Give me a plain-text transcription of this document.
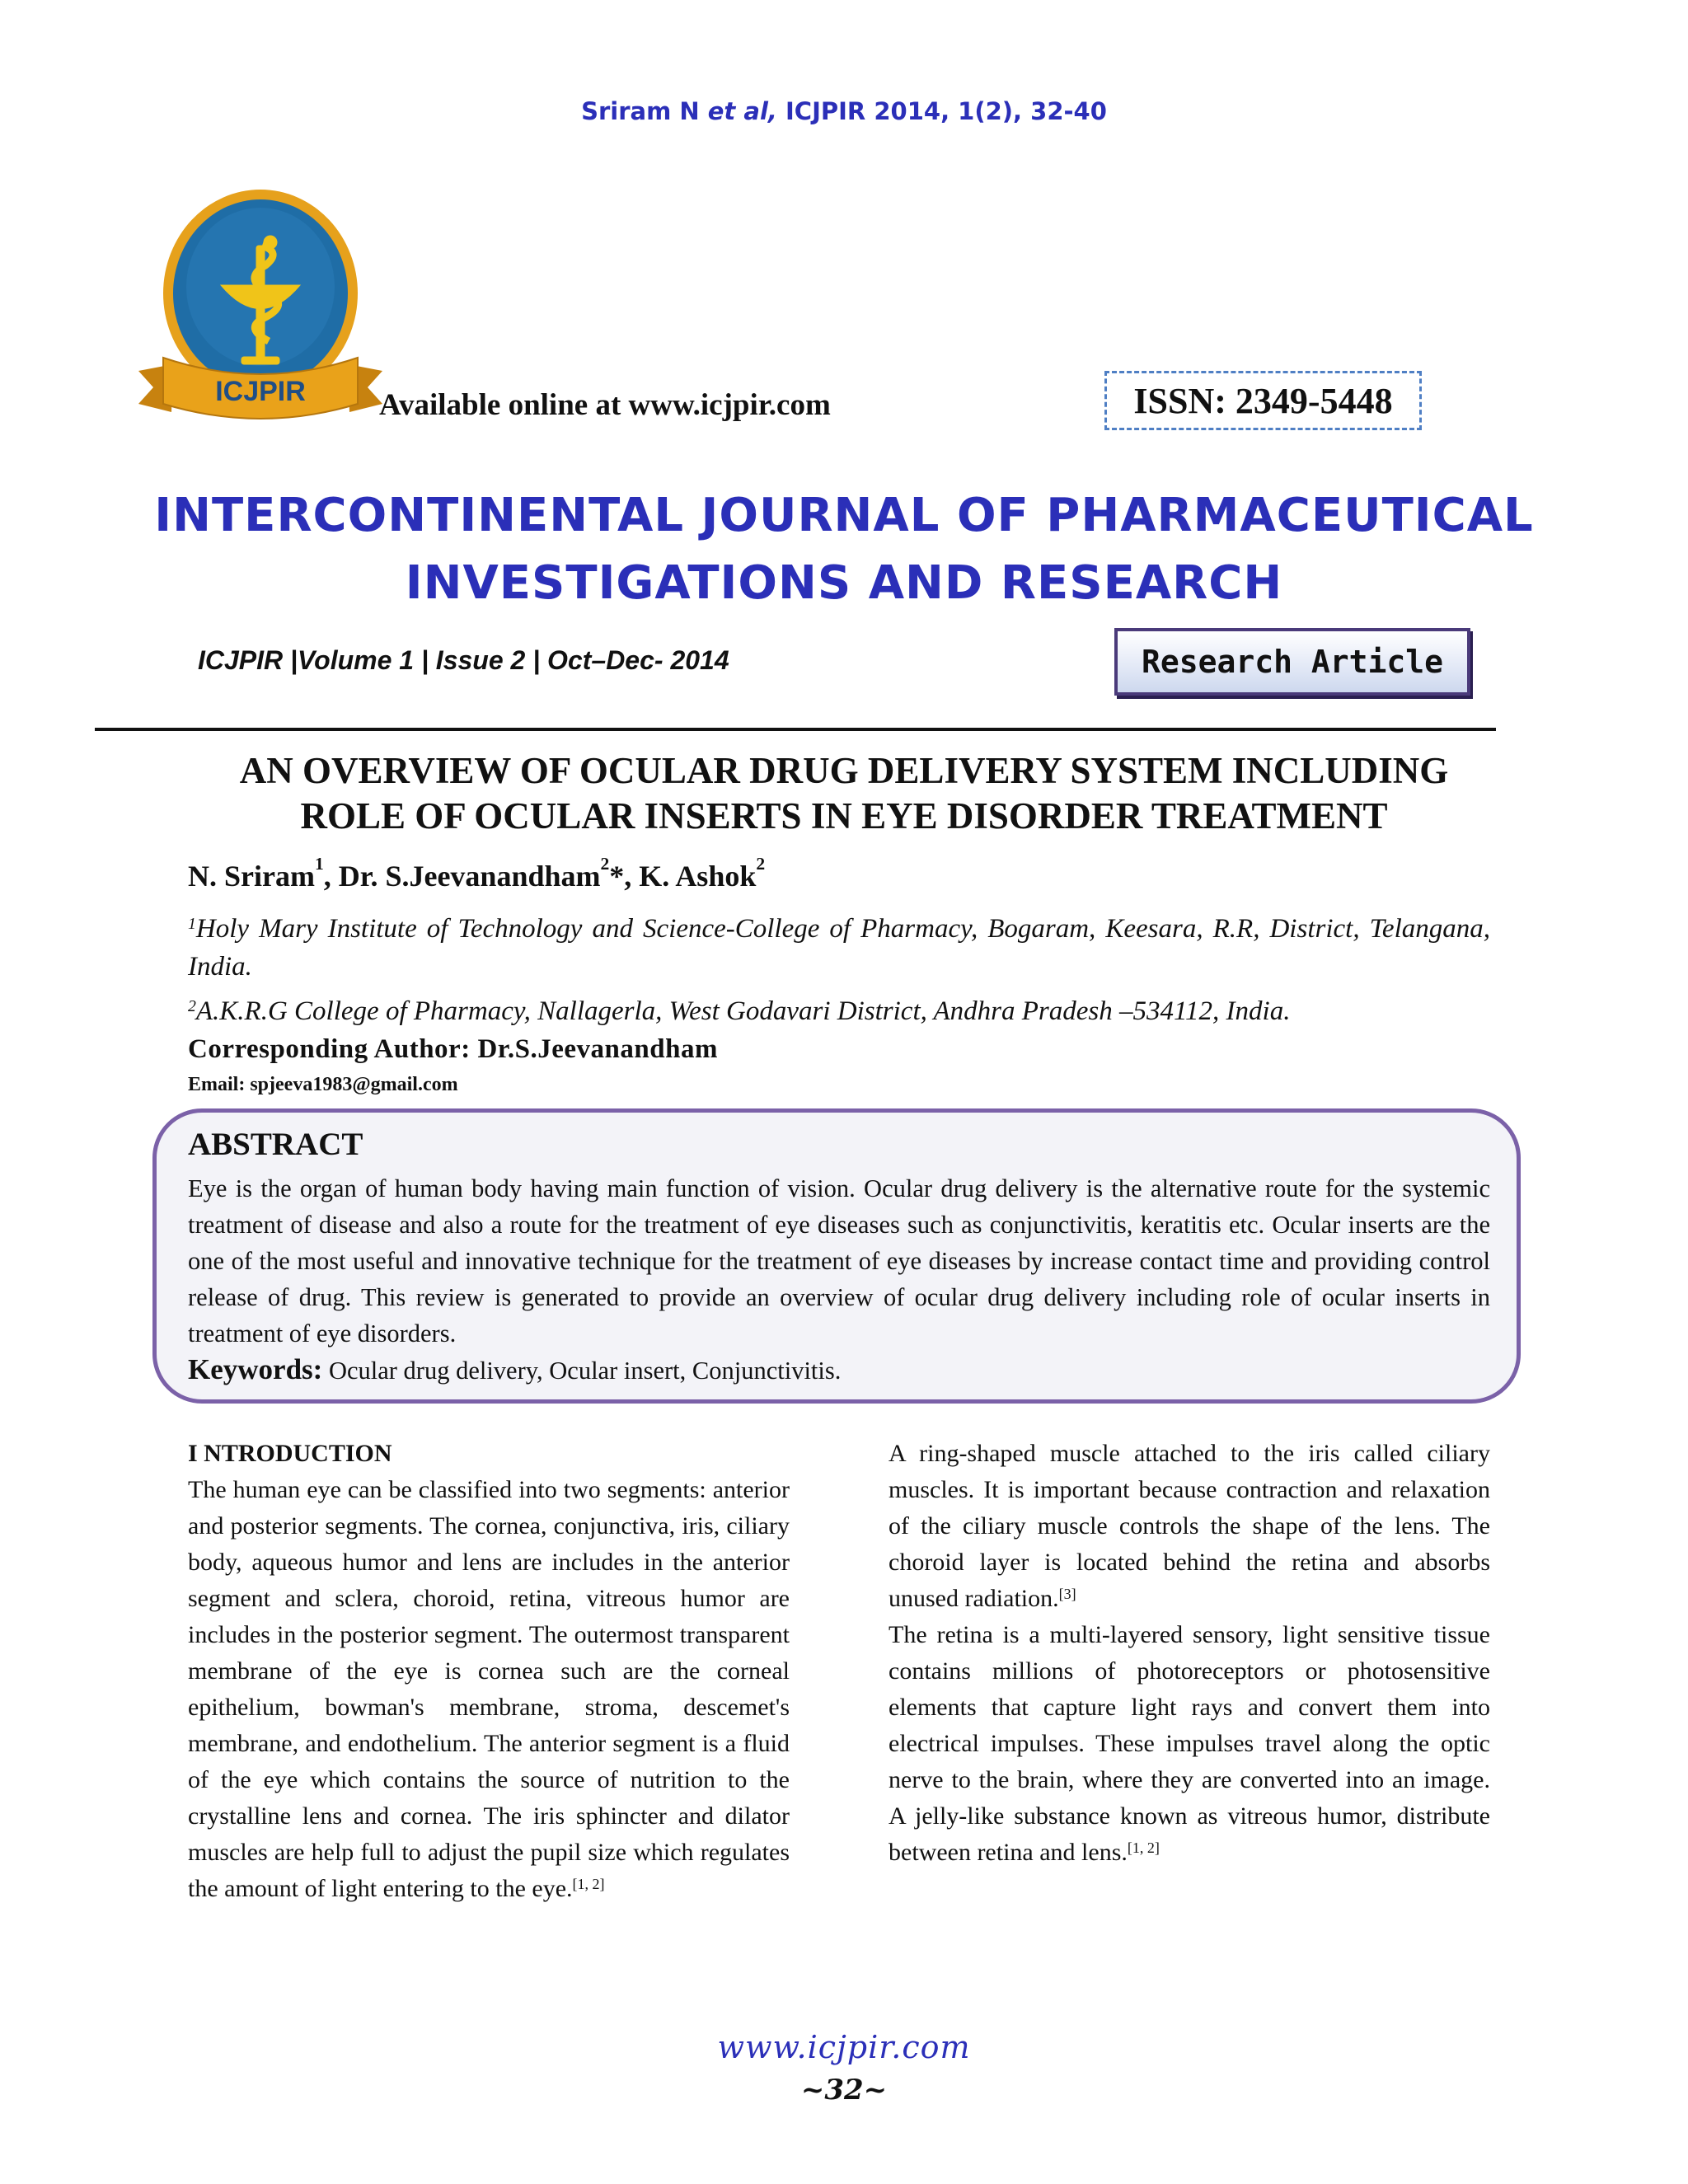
Sriram N et al, ICJPIR 2014, 1(2), 32-40
ICJPIR Available online at www.icjpir.com	ISSN: 2349-5448
INTERCONTINENTAL JOURNAL OF PHARMACEUTICAL
INVESTIGATIONS AND RESEARCH
ICJPIR |Volume 1 | Issue 2 | Oct–Dec- 2014	Research Article
AN OVERVIEW OF OCULAR DRUG DELIVERY SYSTEM INCLUDING
ROLE OF OCULAR INSERTS IN EYE DISORDER TREATMENT
N. Sriram$^1$, Dr. S.Jeevanandham$^2$*, K. Ashok$^2$
$^1$Holy Mary Institute of Technology and Science-College of Pharmacy, Bogaram, Keesara, R.R, District, Telangana, India.
$^2$A.K.R.G College of Pharmacy, Nallagerla, West Godavari District, Andhra Pradesh –534112, India.
Corresponding Author: Dr.S.Jeevanandham
Email: spjeeva1983@gmail.com
ABSTRACT
Eye is the organ of human body having main function of vision. Ocular drug delivery is the alternative route for the systemic treatment of disease and also a route for the treatment of eye diseases such as conjunctivitis, keratitis etc. Ocular inserts are the one of the most useful and innovative technique for the treatment of eye diseases by increase contact time and providing control release of drug. This review is generated to provide an overview of ocular drug delivery including role of ocular inserts in treatment of eye disorders.
Keywords: Ocular drug delivery, Ocular insert, Conjunctivitis.

I NTRODUCTION

The human eye can be classified into two segments: anterior and posterior segments. The cornea, conjunctiva, iris, ciliary body, aqueous humor and lens are includes in the anterior segment and sclera, choroid, retina, vitreous humor are includes in the posterior segment. The outermost transparent membrane of the eye is cornea such are the corneal epithelium, bowman's membrane, stroma, descemet's membrane, and endothelium. The anterior segment is a fluid of the eye which contains the source of nutrition to the crystalline lens and cornea. The iris sphincter and dilator muscles are help full to adjust the pupil size which regulates the amount of light entering to the eye.[1, 2]

A ring-shaped muscle attached to the iris called ciliary muscles. It is important because contraction and relaxation of the ciliary muscle controls the shape of the lens. The choroid layer is located behind the retina and absorbs unused radiation.[3]

The retina is a multi-layered sensory, light sensitive tissue contains millions of photoreceptors or photosensitive elements that capture light rays and convert them into electrical impulses. These impulses travel along the optic nerve to the brain, where they are converted into an image. A jelly-like substance known as vitreous humor, distribute between retina and lens.[1, 2]

www.icjpir.com
~32~
